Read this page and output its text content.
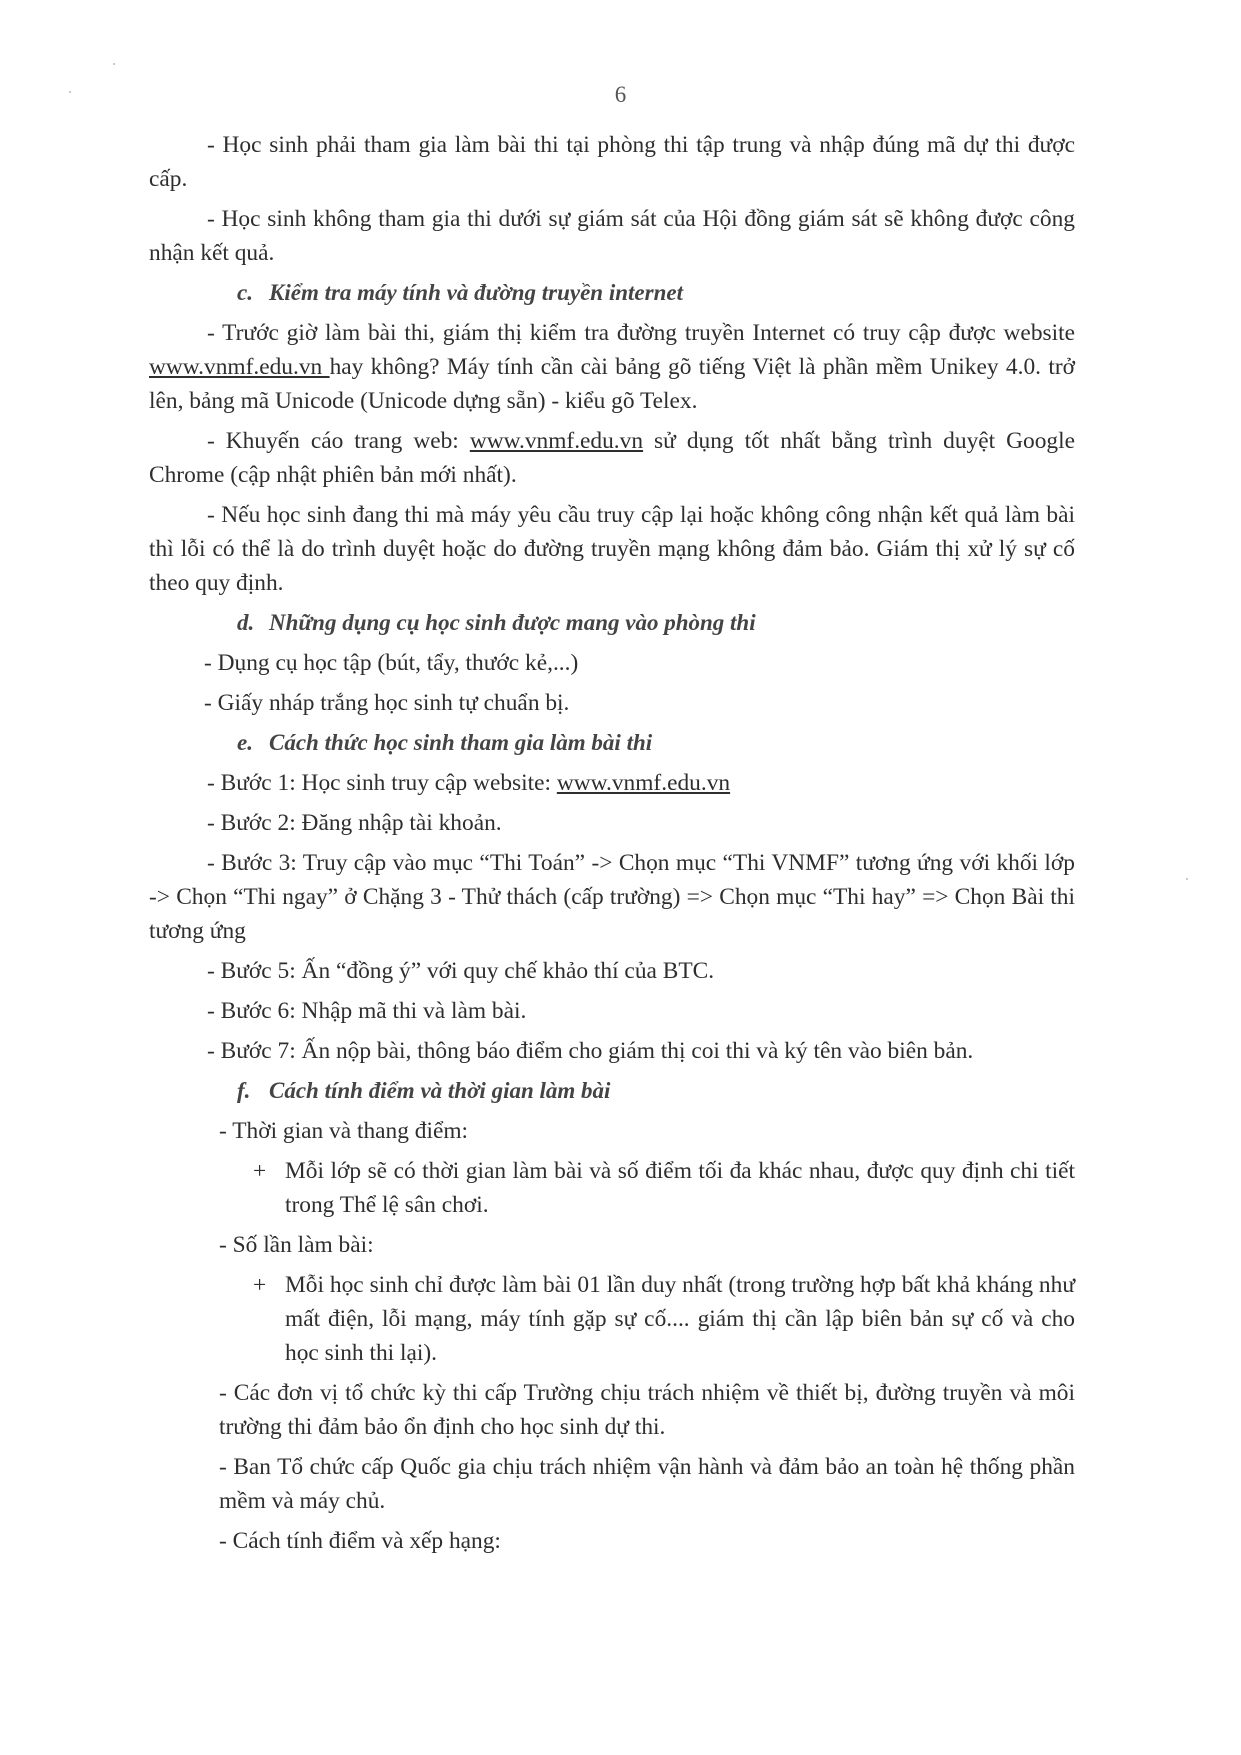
6

- Học sinh phải tham gia làm bài thi tại phòng thi tập trung và nhập đúng mã dự thi được cấp.

- Học sinh không tham gia thi dưới sự giám sát của Hội đồng giám sát sẽ không được công nhận kết quả.

c. Kiểm tra máy tính và đường truyền internet

- Trước giờ làm bài thi, giám thị kiểm tra đường truyền Internet có truy cập được website www.vnmf.edu.vn hay không? Máy tính cần cài bảng gõ tiếng Việt là phần mềm Unikey 4.0. trở lên, bảng mã Unicode (Unicode dựng sẵn) - kiểu gõ Telex.

- Khuyến cáo trang web: www.vnmf.edu.vn sử dụng tốt nhất bằng trình duyệt Google Chrome (cập nhật phiên bản mới nhất).

- Nếu học sinh đang thi mà máy yêu cầu truy cập lại hoặc không công nhận kết quả làm bài thì lỗi có thể là do trình duyệt hoặc do đường truyền mạng không đảm bảo. Giám thị xử lý sự cố theo quy định.

d. Những dụng cụ học sinh được mang vào phòng thi

- Dụng cụ học tập (bút, tẩy, thước kẻ,...)

- Giấy nháp trắng học sinh tự chuẩn bị.

e. Cách thức học sinh tham gia làm bài thi

- Bước 1: Học sinh truy cập website: www.vnmf.edu.vn

- Bước 2: Đăng nhập tài khoản.

- Bước 3: Truy cập vào mục “Thi Toán” -> Chọn mục “Thi VNMF” tương ứng với khối lớp -> Chọn “Thi ngay” ở Chặng 3 - Thử thách (cấp trường) => Chọn mục “Thi hay” => Chọn Bài thi tương ứng

- Bước 5: Ấn “đồng ý” với quy chế khảo thí của BTC.

- Bước 6: Nhập mã thi và làm bài.

- Bước 7: Ấn nộp bài, thông báo điểm cho giám thị coi thi và ký tên vào biên bản.

f. Cách tính điểm và thời gian làm bài

- Thời gian và thang điểm:

+ Mỗi lớp sẽ có thời gian làm bài và số điểm tối đa khác nhau, được quy định chi tiết trong Thể lệ sân chơi.

- Số lần làm bài:

+ Mỗi học sinh chỉ được làm bài 01 lần duy nhất (trong trường hợp bất khả kháng như mất điện, lỗi mạng, máy tính gặp sự cố.... giám thị cần lập biên bản sự cố và cho học sinh thi lại).

- Các đơn vị tổ chức kỳ thi cấp Trường chịu trách nhiệm về thiết bị, đường truyền và môi trường thi đảm bảo ổn định cho học sinh dự thi.

- Ban Tổ chức cấp Quốc gia chịu trách nhiệm vận hành và đảm bảo an toàn hệ thống phần mềm và máy chủ.

- Cách tính điểm và xếp hạng:
